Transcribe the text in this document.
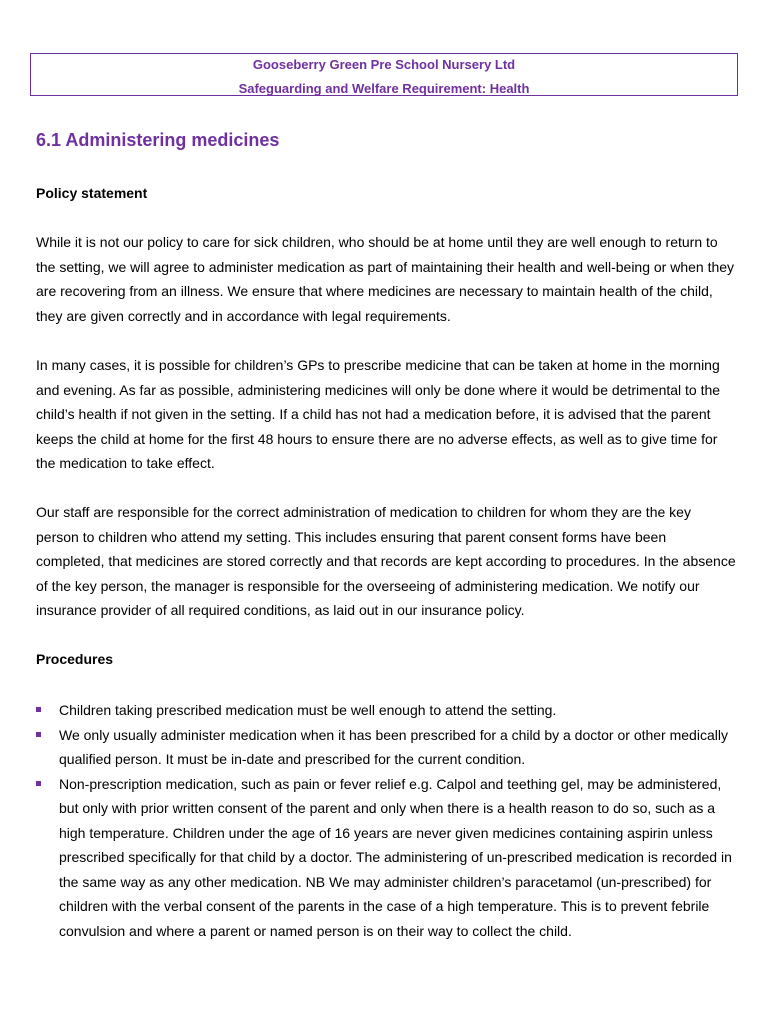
Gooseberry Green Pre School Nursery Ltd
Safeguarding and Welfare Requirement: Health
6.1 Administering medicines
Policy statement

While it is not our policy to care for sick children, who should be at home until they are well enough to return to the setting, we will agree to administer medication as part of maintaining their health and well-being or when they are recovering from an illness. We ensure that where medicines are necessary to maintain health of the child, they are given correctly and in accordance with legal requirements.

In many cases, it is possible for children’s GPs to prescribe medicine that can be taken at home in the morning and evening. As far as possible, administering medicines will only be done where it would be detrimental to the child’s health if not given in the setting. If a child has not had a medication before, it is advised that the parent keeps the child at home for the first 48 hours to ensure there are no adverse effects, as well as to give time for the medication to take effect.

Our staff are responsible for the correct administration of medication to children for whom they are the key person to children who attend my setting. This includes ensuring that parent consent forms have been completed, that medicines are stored correctly and that records are kept according to procedures. In the absence of the key person, the manager is responsible for the overseeing of administering medication. We notify our insurance provider of all required conditions, as laid out in our insurance policy.

Procedures
Children taking prescribed medication must be well enough to attend the setting.
We only usually administer medication when it has been prescribed for a child by a doctor or other medically qualified person. It must be in-date and prescribed for the current condition.
Non-prescription medication, such as pain or fever relief e.g. Calpol and teething gel, may be administered, but only with prior written consent of the parent and only when there is a health reason to do so, such as a high temperature. Children under the age of 16 years are never given medicines containing aspirin unless prescribed specifically for that child by a doctor. The administering of un-prescribed medication is recorded in the same way as any other medication. NB We may administer children’s paracetamol (un-prescribed) for children with the verbal consent of the parents in the case of a high temperature. This is to prevent febrile convulsion and where a parent or named person is on their way to collect the child.
